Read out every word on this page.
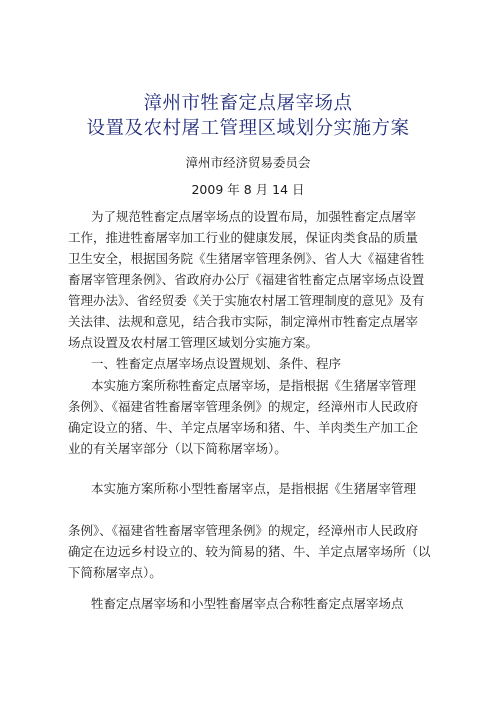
漳州市牲畜定点屠宰场点
设置及农村屠工管理区域划分实施方案
漳州市经济贸易委员会
2009 年 8 月 14 日
为了规范牲畜定点屠宰场点的设置布局，加强牲畜定点屠宰
工作，推进牲畜屠宰加工行业的健康发展，保证肉类食品的质量
卫生安全，根据国务院《生猪屠宰管理条例》、省人大《福建省牲
畜屠宰管理条例》、省政府办公厅《福建省牲畜定点屠宰场点设置
管理办法》、省经贸委《关于实施农村屠工管理制度的意见》及有
关法律、法规和意见，结合我市实际，制定漳州市牲畜定点屠宰
场点设置及农村屠工管理区域划分实施方案。
一、牲畜定点屠宰场点设置规划、条件、程序
本实施方案所称牲畜定点屠宰场，是指根据《生猪屠宰管理
条例》、《福建省牲畜屠宰管理条例》的规定，经漳州市人民政府
确定设立的猪、牛、羊定点屠宰场和猪、牛、羊肉类生产加工企
业的有关屠宰部分（以下简称屠宰场）。
本实施方案所称小型牲畜屠宰点，是指根据《生猪屠宰管理
条例》、《福建省牲畜屠宰管理条例》的规定，经漳州市人民政府
确定在边远乡村设立的、较为简易的猪、牛、羊定点屠宰场所（以
下简称屠宰点）。
牲畜定点屠宰场和小型牲畜屠宰点合称牲畜定点屠宰场点
